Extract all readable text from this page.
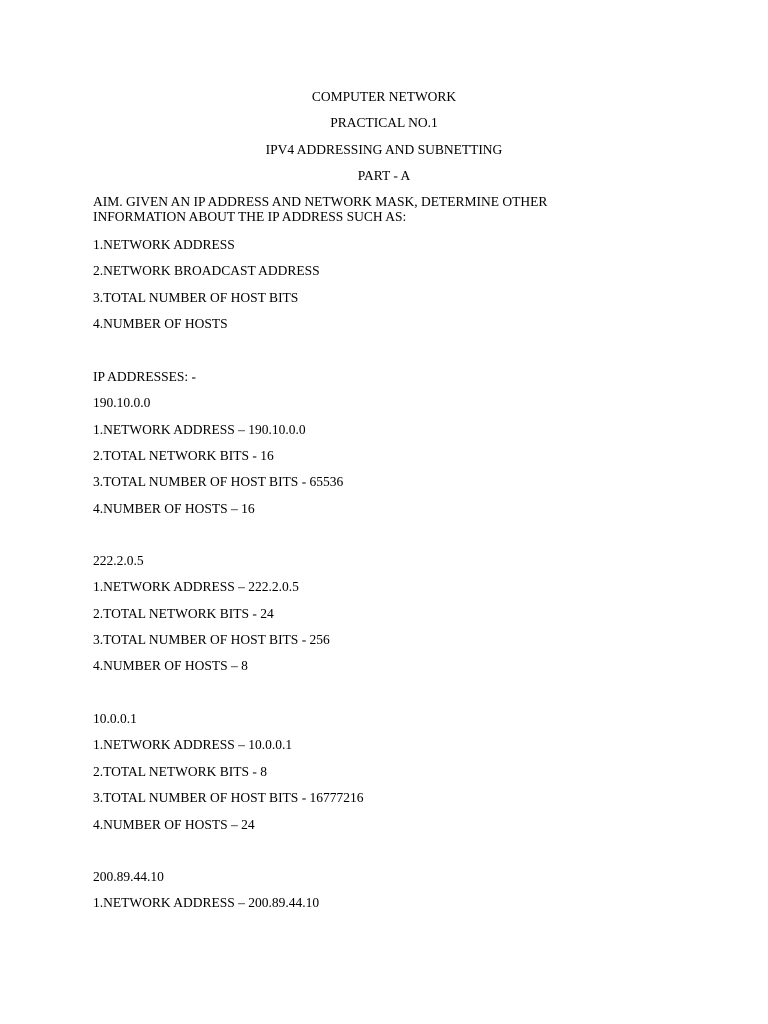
COMPUTER NETWORK
PRACTICAL NO.1
IPV4 ADDRESSING AND SUBNETTING
PART - A
AIM. GIVEN AN IP ADDRESS AND NETWORK MASK, DETERMINE OTHER
INFORMATION ABOUT THE IP ADDRESS SUCH AS:
1.NETWORK ADDRESS
2.NETWORK BROADCAST ADDRESS
3.TOTAL NUMBER OF HOST BITS
4.NUMBER OF HOSTS
IP ADDRESSES: -
190.10.0.0
1.NETWORK ADDRESS – 190.10.0.0
2.TOTAL NETWORK BITS - 16
3.TOTAL NUMBER OF HOST BITS - 65536
4.NUMBER OF HOSTS – 16
222.2.0.5
1.NETWORK ADDRESS – 222.2.0.5
2.TOTAL NETWORK BITS - 24
3.TOTAL NUMBER OF HOST BITS - 256
4.NUMBER OF HOSTS – 8
10.0.0.1
1.NETWORK ADDRESS – 10.0.0.1
2.TOTAL NETWORK BITS - 8
3.TOTAL NUMBER OF HOST BITS - 16777216
4.NUMBER OF HOSTS – 24
200.89.44.10
1.NETWORK ADDRESS – 200.89.44.10
